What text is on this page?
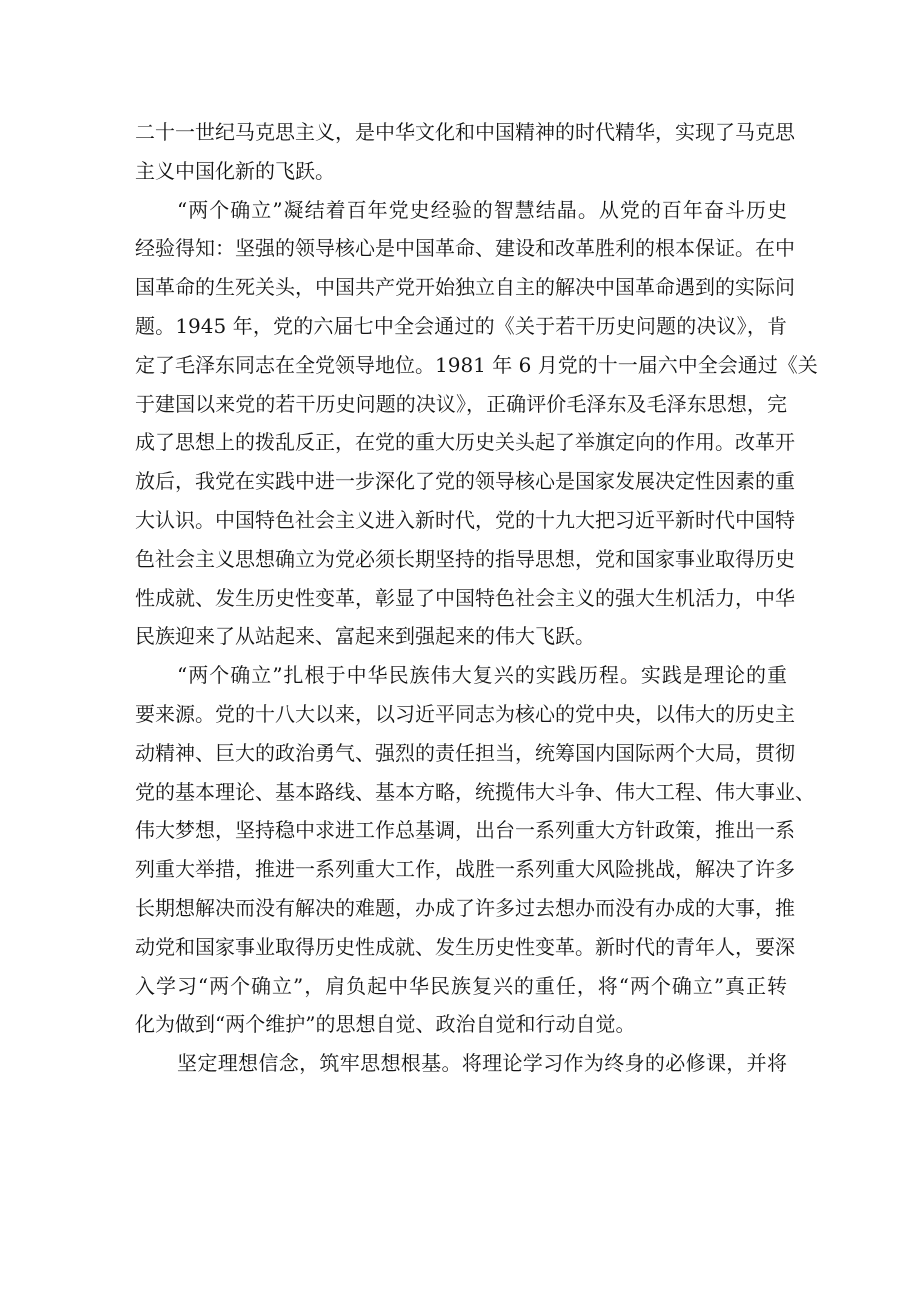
二十一世纪马克思主义，是中华文化和中国精神的时代精华，实现了马克思
主义中国化新的飞跃。
“两个确立”凝结着百年党史经验的智慧结晶。从党的百年奋斗历史
经验得知：坚强的领导核心是中国革命、建设和改革胜利的根本保证。在中
国革命的生死关头，中国共产党开始独立自主的解决中国革命遇到的实际问
题。1945 年，党的六届七中全会通过的《关于若干历史问题的决议》，肯
定了毛泽东同志在全党领导地位。1981 年 6 月党的十一届六中全会通过《关
于建国以来党的若干历史问题的决议》，正确评价毛泽东及毛泽东思想，完
成了思想上的拨乱反正，在党的重大历史关头起了举旗定向的作用。改革开
放后，我党在实践中进一步深化了党的领导核心是国家发展决定性因素的重
大认识。中国特色社会主义进入新时代，党的十九大把习近平新时代中国特
色社会主义思想确立为党必须长期坚持的指导思想，党和国家事业取得历史
性成就、发生历史性变革，彰显了中国特色社会主义的强大生机活力，中华
民族迎来了从站起来、富起来到强起来的伟大飞跃。
“两个确立”扎根于中华民族伟大复兴的实践历程。实践是理论的重
要来源。党的十八大以来，以习近平同志为核心的党中央，以伟大的历史主
动精神、巨大的政治勇气、强烈的责任担当，统筹国内国际两个大局，贯彻
党的基本理论、基本路线、基本方略，统揽伟大斗争、伟大工程、伟大事业、
伟大梦想，坚持稳中求进工作总基调，出台一系列重大方针政策，推出一系
列重大举措，推进一系列重大工作，战胜一系列重大风险挑战，解决了许多
长期想解决而没有解决的难题，办成了许多过去想办而没有办成的大事，推
动党和国家事业取得历史性成就、发生历史性变革。新时代的青年人，要深
入学习“两个确立”，肩负起中华民族复兴的重任，将“两个确立”真正转
化为做到“两个维护”的思想自觉、政治自觉和行动自觉。
坚定理想信念，筑牢思想根基。将理论学习作为终身的必修课，并将
